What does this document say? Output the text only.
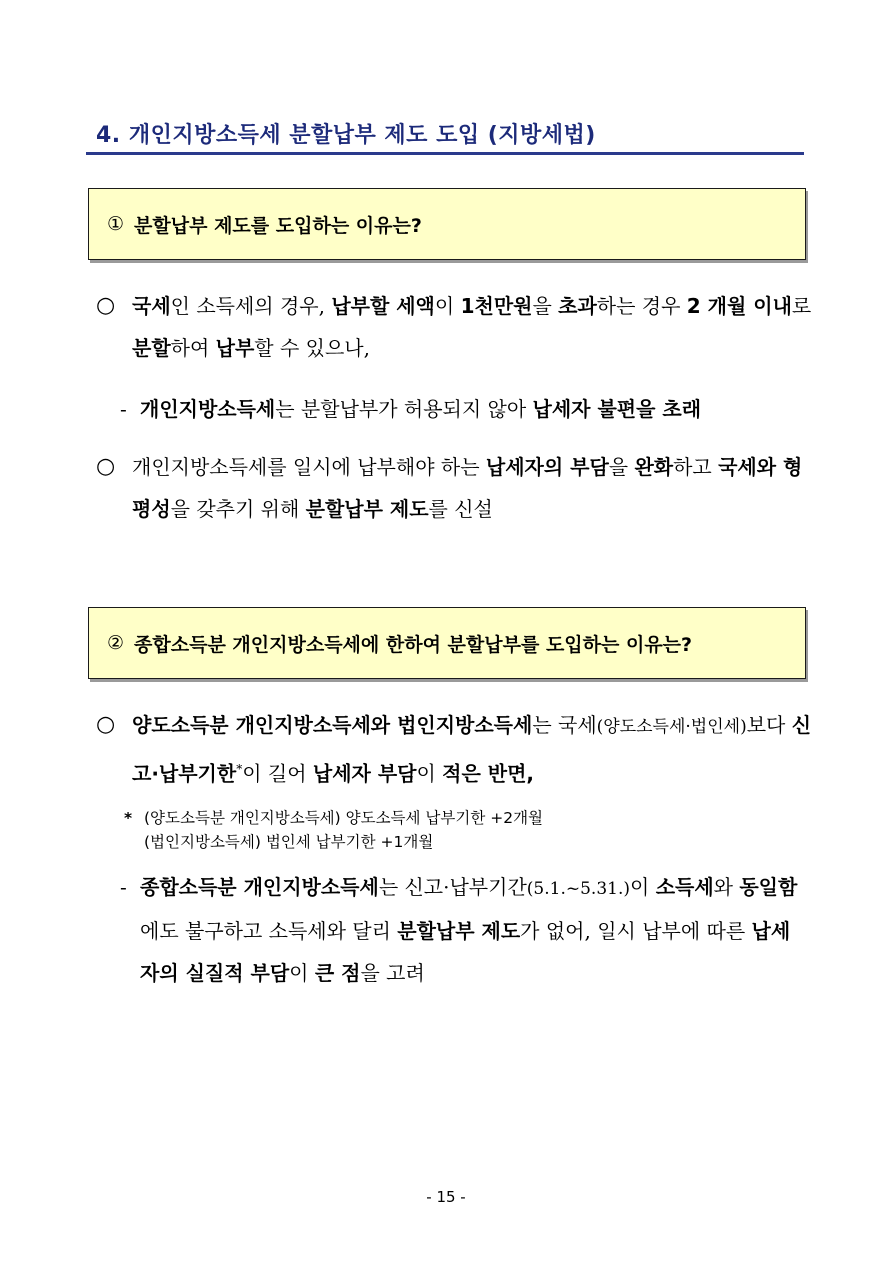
4. 개인지방소득세 분할납부 제도 도입 (지방세법)
① 분할납부 제도를 도입하는 이유는?
○ 국세인 소득세의 경우, 납부할 세액이 1천만원을 초과하는 경우 2 개월 이내로 분할하여 납부할 수 있으나,
- 개인지방소득세는 분할납부가 허용되지 않아 납세자 불편을 초래
○ 개인지방소득세를 일시에 납부해야 하는 납세자의 부담을 완화하고 국세와 형평성을 갖추기 위해 분할납부 제도를 신설
② 종합소득분 개인지방소득세에 한하여 분할납부를 도입하는 이유는?
○ 양도소득분 개인지방소득세와 법인지방소득세는 국세(양도소득세·법인세)보다 신고·납부기한*이 길어 납세자 부담이 적은 반면,
* (양도소득분 개인지방소득세) 양도소득세 납부기한 +2개월
(법인지방소득세) 법인세 납부기한 +1개월
- 종합소득분 개인지방소득세는 신고·납부기간(5.1.~5.31.)이 소득세와 동일함에도 불구하고 소득세와 달리 분할납부 제도가 없어, 일시 납부에 따른 납세자의 실질적 부담이 큰 점을 고려
- 15 -
